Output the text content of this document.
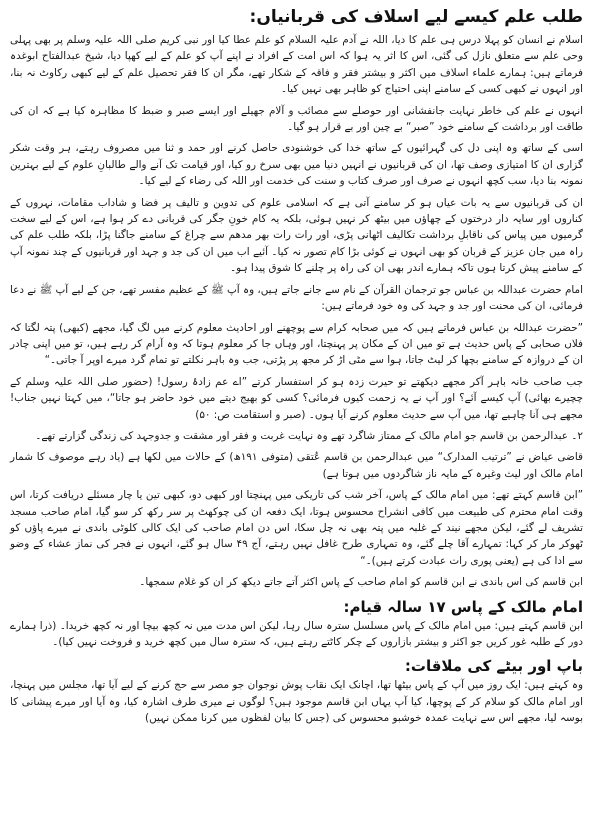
طلب علم کیسے لیے اسلاف کی قربانیاں:

اسلام نے انسان کو پہلا درس ہی علم کا دیا، اللہ نے آدم علیہ السلام کو علم عطا کیا اور نبی کریم صلی اللہ علیہ وسلم پر بھی پہلی وحی علم سے متعلق نازل کی گئی، اس کا اثر یہ ہوا کہ اس امت کے افراد نے اپنے آپ کو علم کے لیے کھپا دیا، شیخ عبدالفتاح ابوغدہ فرماتے ہیں: ہمارے علماء اسلاف میں اکثر و بیشتر فقر و فاقہ کے شکار تھے، مگر ان کا فقر تحصیل علم کے لیے کبھی رکاوٹ نہ بنا، اور انہوں نے کبھی کسی کے سامنے اپنی احتیاج کو ظاہر بھی نہیں کیا۔

انہوں نے علم کی خاطر نہایت جانفشانی اور حوصلے سے مصائب و آلام جھیلے اور ایسے صبر و ضبط کا مظاہرہ کیا ہے کہ ان کی طاقت اور برداشت کے سامنے خود ”صبر“ بے چین اور بے قرار ہو گیا۔

اسی کے ساتھ وہ اپنی دل کی گہرائیوں کے ساتھ خدا کی خوشنودی حاصل کرنے اور حمد و ثنا میں مصروف رہتے، ہر وقت شکر گزاری ان کا امتیازی وصف تھا، ان کی قربانیوں نے انہیں دنیا میں بھی سرخ رو کیا، اور قیامت تک آنے والے طالبانِ علوم کے لیے بہترین نمونہ بنا دیا، سب کچھ انہوں نے صرف اور صرف کتاب و سنت کی خدمت اور اللہ کی رضاء کے لیے کیا۔

ان کی قربانیوں سے یہ بات عیاں ہو کر سامنے آتی ہے کہ اسلامی علوم کی تدوین و تالیف پر فضا و شاداب مقامات، نہروں کے کناروں اور سایہ دار درختوں کے چھاؤں میں بیٹھ کر نہیں ہوئی، بلکہ یہ کام خونِ جگر کی قربانی دے کر ہوا ہے، اس کے لیے سخت گرمیوں میں پیاس کی ناقابلِ برداشت تکالیف اٹھانی پڑی، اور رات رات بھر مدھم سے چراغ کے سامنے جاگنا پڑا، بلکہ طلب علم کی راہ میں جان عزیز کے قربان کو بھی انہوں نے کوئی بڑا کام تصور نہ کیا۔ آئیے اب میں ان کی جد و جہد اور قربانیوں کے چند نمونہ آپ کے سامنے پیش کرتا ہوں تاکہ ہمارے اندر بھی ان کی راہ پر چلنے کا شوق پیدا ہو۔

امام حضرت عبداللہ بن عباس جو ترجمان القرآن کے نام سے جانے جاتے ہیں، وہ آپ ﷺ کے عظیم مفسر تھے، جن کے لیے آپ ﷺ نے دعا فرمائی، ان کی محنت اور جد و جہد کی وہ خود فرماتے ہیں:

”حضرت عبداللہ بن عباس فرماتے ہیں کہ میں صحابہ کرام سے پوچھنے اور احادیث معلوم کرنے میں لگ گیا، مجھے (کبھی) پتہ لگتا کہ فلاں صحابی کے پاس حدیث ہے تو میں ان کے مکان پر پہنچتا، اور وہاں جا کر معلوم ہوتا کہ وہ آرام کر رہے ہیں، تو میں اپنی چادر ان کے دروازہ کے سامنے بچھا کر لیٹ جاتا، ہوا سے مٹی اڑ کر مجھ پر پڑتی، جب وہ باہر نکلتے تو تمام گرد میرے اوپر آ جاتی۔“

جب صاحب خانہ باہر آکر مجھے دیکھتے تو حیرت زدہ ہو کر استفسار کرتے ”اے عم زادۂ رسول! (حضور صلی اللہ علیہ وسلم کے چچیرے بھائی) آپ کیسے آئے؟ اور آپ نے یہ زحمت کیوں فرمائی؟ کسی کو بھیج دیتے میں خود حاضر ہو جاتا“، میں کہتا نہیں جناب! مجھے ہی آنا چاہیے تھا، میں آپ سے حدیث معلوم کرنے آیا ہوں۔ (صبر و استقامت ص: ۵۰)

۲۔ عبدالرحمن بن قاسم جو امام مالک کے ممتاز شاگرد تھے وہ نہایت غربت و فقر اور مشقت و جدوجہد کی زندگی گزارتے تھے۔

قاضی عیاض نے ”ترتیب المدارک“ میں عبدالرحمن بن قاسم عُتقی (متوفی ۱۹۱ھ) کے حالات میں لکھا ہے (یاد رہے موصوف کا شمار امام مالک اور لیث وغیرہ کے مایہ ناز شاگردوں میں ہوتا ہے)

”ابن قاسم کہتے تھے: میں امام مالک کے پاس، آخر شب کی تاریکی میں پہنچتا اور کبھی دو، کبھی تین یا چار مسئلے دریافت کرتا، اس وقت امام محترم کی طبیعت میں کافی انشراح محسوس ہوتا، ایک دفعہ ان کی چوکھٹ پر سر رکھ کر سو گیا، امام صاحب مسجد تشریف لے گئے، لیکن مجھے نیند کے غلبہ میں پتہ بھی نہ چل سکا، اس دن امام صاحب کی ایک کالی کلوٹی باندی نے میرے پاؤں کو ٹھوکر مار کر کہا: تمہارے آقا چلے گئے، وہ تمہاری طرح غافل نہیں رہتے، آج ۴۹ سال ہو گئے، انہوں نے فجر کی نماز عشاء کے وضو سے ادا کی ہے (یعنی پوری رات عبادت کرتے ہیں)۔“

ابن قاسم کی اس باندی نے ابن قاسم کو امام صاحب کے پاس اکثر آتے جاتے دیکھ کر ان کو غلام سمجھا۔

امام مالک کے پاس ۱۷ سالہ قیام:

ابن قاسم کہتے ہیں: میں امام مالک کے پاس مسلسل سترہ سال رہا، لیکن اس مدت میں نہ کچھ بیچا اور نہ کچھ خریدا۔ (ذرا ہمارے دور کے طلبہ غور کریں جو اکثر و بیشتر بازاروں کے چکر کاٹتے رہتے ہیں، کہ سترہ سال میں کچھ خرید و فروخت نہیں کیا)۔

باپ اور بیٹے کی ملاقات:

وہ کہتے ہیں: ایک روز میں آپ کے پاس بیٹھا تھا، اچانک ایک نقاب پوش نوجوان جو مصر سے حج کرنے کے لیے آیا تھا، مجلس میں پہنچا، اور امام مالک کو سلام کر کے پوچھا، کیا آپ یہاں ابن قاسم موجود ہیں؟ لوگوں نے میری طرف اشارہ کیا، وہ آیا اور میرے پیشانی کا بوسہ لیا، مجھے اس سے نہایت عمدہ خوشبو محسوس کی (جس کا بیان لفظوں میں کرنا ممکن نہیں)
